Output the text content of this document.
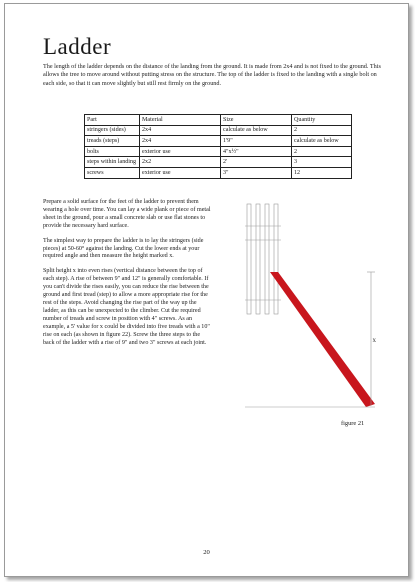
Ladder

The length of the ladder depends on the distance of the landing from the ground. It is made from 2x4 and is not fixed to the ground. This allows the tree to move around without putting stress on the structure. The top of the ladder is fixed to the landing with a single bolt on each side, so that it can move slightly but still rest firmly on the ground.

Part	Material	Size	Quantity
stringers (sides)	2x4	calculate as below	2
treads (steps)	2x4	1'9"	calculate as below
bolts	exterior use	4"x½"	2
steps within landing	2x2	2'	3
screws	exterior use	3"	12

Prepare a solid surface for the feet of the ladder to prevent them wearing a hole over time. You can lay a wide plank or piece of metal sheet in the ground, pour a small concrete slab or use flat stones to provide the necessary hard surface.

The simplest way to prepare the ladder is to lay the stringers (side pieces) at 50-60° against the landing. Cut the lower ends at your required angle and then measure the height marked x.

Split height x into even rises (vertical distance between the top of each step). A rise of between 9" and 12" is generally comfortable. If you can't divide the rises easily, you can reduce the rise between the ground and first tread (step) to allow a more appropriate rise for the rest of the steps. Avoid changing the rise part of the way up the ladder, as this can be unexpected to the climber. Cut the required number of treads and screw in position with 4" screws. As an example, a 5' value for x could be divided into five treads with a 10" rise on each (as shown in figure 22). Screw the three steps to the back of the ladder with a rise of 9" and two 3" screws at each joint.	x
figure 21
20
